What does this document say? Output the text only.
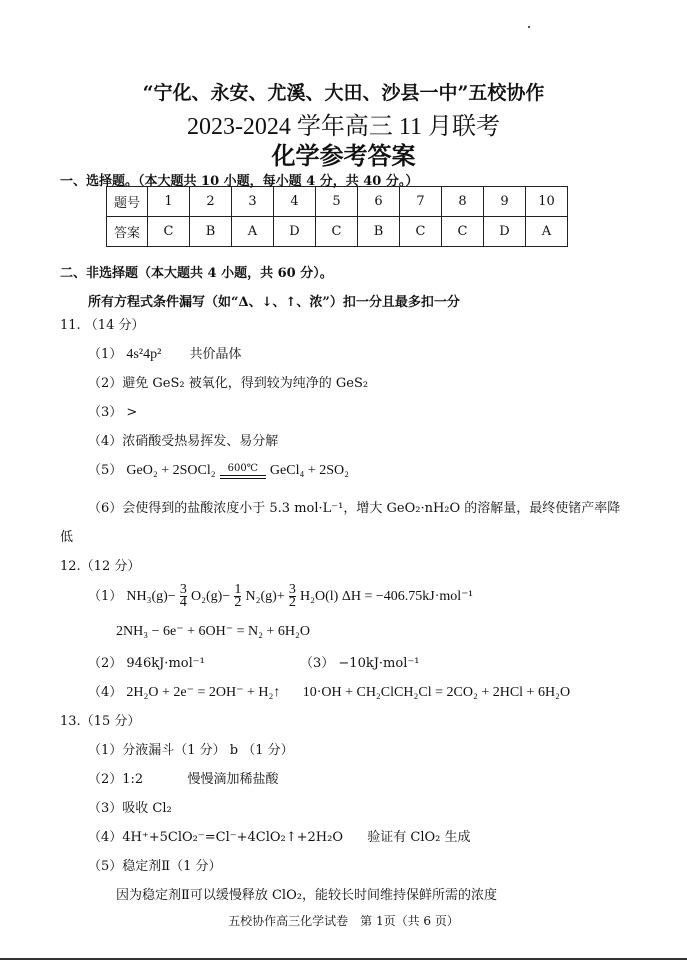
“宁化、永安、尤溪、大田、沙县一中”五校协作
2023-2024 学年高三 11 月联考
化学参考答案
一、选择题。（本大题共 10 小题，每小题 4 分，共 40 分。）
题号	1	2	3	4	5	6	7	8	9	10
答案	C	B	A	D	C	B	C	C	D	A
二、非选择题（本大题共 4 小题，共 60 分）。
所有方程式条件漏写（如“Δ、↓、↑、浓”）扣一分且最多扣一分
11. （14 分）
（1） 4s²4p² 共价晶体
（2）避免 GeS₂ 被氧化，得到较为纯净的 GeS₂
（3） >
（4）浓硝酸受热易挥发、易分解
（5） GeO₂ + 2SOCl₂	600℃ GeCl₄ + 2SO₂
（6）会使得到的盐酸浓度小于 5.3 mol·L⁻¹，增大 GeO₂·nH₂O 的溶解量，最终使锗产率降
低
12.（12 分）
（1） $NH_3(g)- \frac{3}{4} O_2(g)- \frac{1}{2} N_2(g)+ \frac{3}{2} H_2O(l) \Delta H = -406.75kJ\cdot mol^{-1}$
2NH₃ − 6e⁻ + 6OH⁻ = N₂ + 6H₂O
（2） 946kJ·mol⁻¹	（3） −10kJ·mol⁻¹
（4） 2H₂O + 2e⁻ = 2OH⁻ + H₂↑ 10·OH + CH₂ClCH₂Cl = 2CO₂ + 2HCl + 6H₂O
13.（15 分）
（1）分液漏斗（1 分） b （1 分）
（2）1:2	慢慢滴加稀盐酸
（3）吸收 Cl₂
（4）4H⁺+5ClO₂⁻=Cl⁻+4ClO₂↑+2H₂O 验证有 ClO₂ 生成
（5）稳定剂Ⅱ（1 分）
因为稳定剂Ⅱ可以缓慢释放 ClO₂，能较长时间维持保鲜所需的浓度
五校协作高三化学试卷　第 1页（共 6 页）
